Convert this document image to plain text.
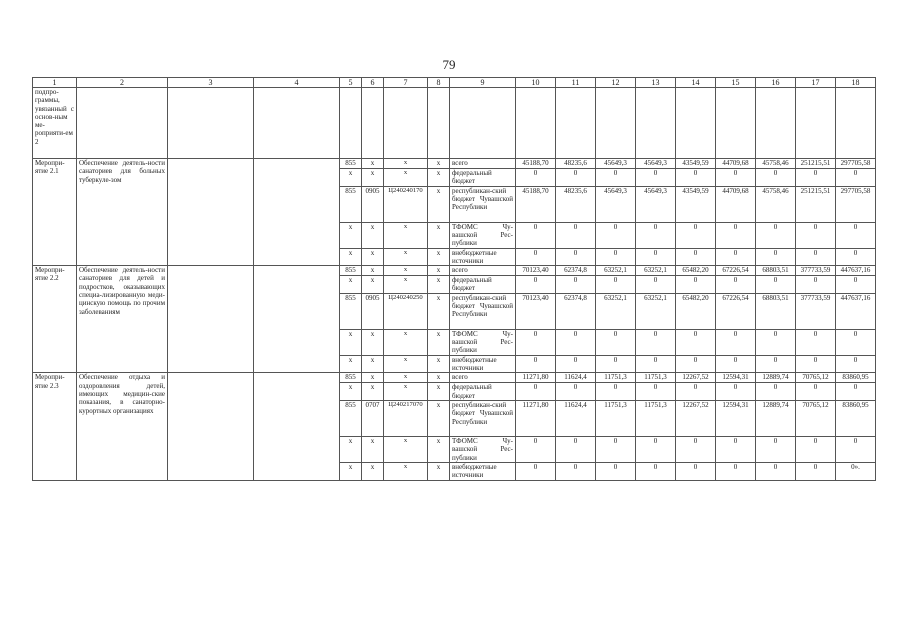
79
1	2	3	4	5	6	7	8	9	10	11	12	13	14	15	16	17	18
подпро-граммы, увязанный с основ-ным ме-роприяти-ем 2																	
Меропри-ятие 2.1	Обеспечение деятель-ности санаториев для больных туберкуле-зом			855	x	x	x	всего	45188,70	48235,6	45649,3	45649,3	43549,59	44709,68	45758,46	251215,51	297705,58
				x	x	x	x	федеральный бюджет	0	0	0	0	0	0	0	0	0
				855	0905	Ц240240170	x	республикан-ский бюджет Чувашской Республики	45188,70	48235,6	45649,3	45649,3	43549,59	44709,68	45758,46	251215,51	297705,58
				x	x	x	x	ТФОМС Чу-вашской Рес-публики	0	0	0	0	0	0	0	0	0
				x	x	x	x	внебюджетные источники	0	0	0	0	0	0	0	0	0
Меропри-ятие 2.2	Обеспечение деятель-ности санаториев для детей и подростков, оказывающих специа-лизированную меди-цинскую помощь по прочим заболеваниям			855	x	x	x	всего	70123,40	62374,8	63252,1	63252,1	65482,20	67226,54	68803,51	377733,59	447637,16
				x	x	x	x	федеральный бюджет	0	0	0	0	0	0	0	0	0
				855	0905	Ц240240250	x	республикан-ский бюджет Чувашской Республики	70123,40	62374,8	63252,1	63252,1	65482,20	67226,54	68803,51	377733,59	447637,16
				x	x	x	x	ТФОМС Чу-вашской Рес-публики	0	0	0	0	0	0	0	0	0
				x	x	x	x	внебюджетные источники	0	0	0	0	0	0	0	0	0
Меропри-ятие 2.3	Обеспечение отдыха и оздоровления детей, имеющих медицин-ские показания, в санаторно-курортных организациях			855	x	x	x	всего	11271,80	11624,4	11751,3	11751,3	12267,52	12594,31	12889,74	70765,12	83860,95
				x	x	x	x	федеральный бюджет	0	0	0	0	0	0	0	0	0
				855	0707	Ц240217070	x	республикан-ский бюджет Чувашской Республики	11271,80	11624,4	11751,3	11751,3	12267,52	12594,31	12889,74	70765,12	83860,95
				x	x	x	x	ТФОМС Чу-вашской Рес-публики	0	0	0	0	0	0	0	0	0
				x	x	x	x	внебюджетные источники	0	0	0	0	0	0	0	0	0».
